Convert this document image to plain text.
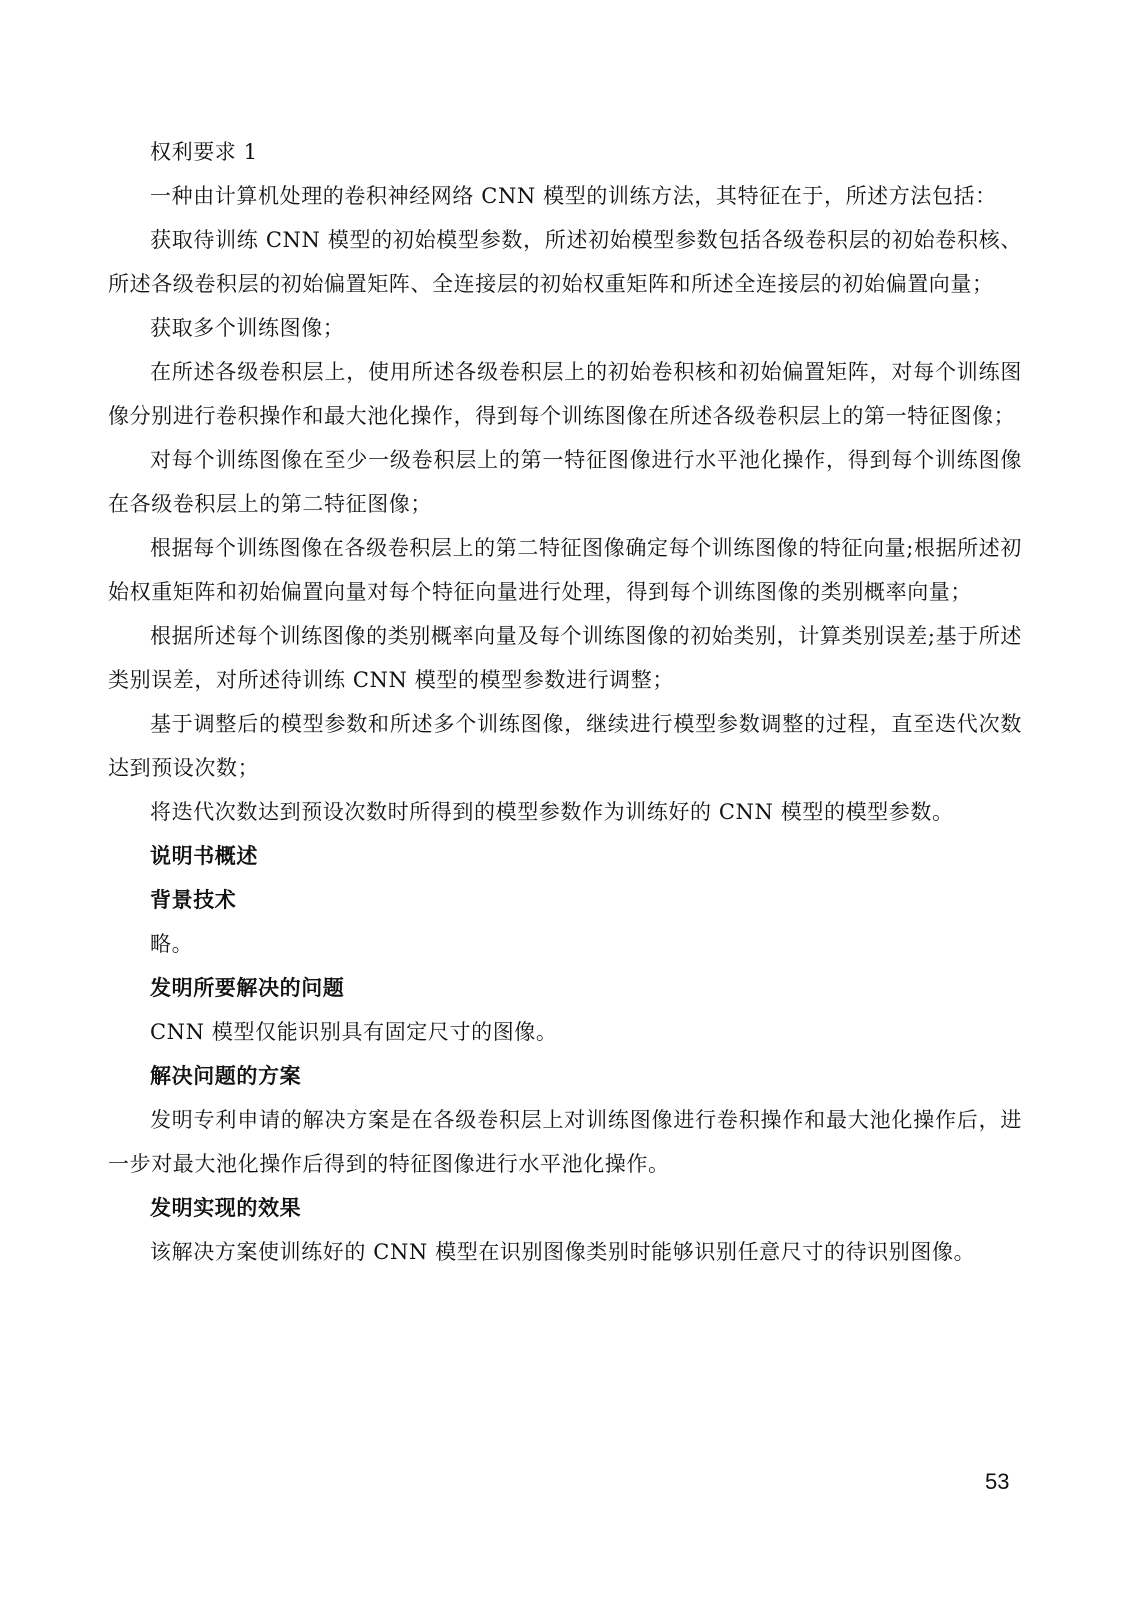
权利要求 1

一种由计算机处理的卷积神经网络 CNN 模型的训练方法，其特征在于，所述方法包括：

获取待训练 CNN 模型的初始模型参数，所述初始模型参数包括各级卷积层的初始卷积核、所述各级卷积层的初始偏置矩阵、全连接层的初始权重矩阵和所述全连接层的初始偏置向量；

获取多个训练图像；

在所述各级卷积层上，使用所述各级卷积层上的初始卷积核和初始偏置矩阵，对每个训练图像分别进行卷积操作和最大池化操作，得到每个训练图像在所述各级卷积层上的第一特征图像；

对每个训练图像在至少一级卷积层上的第一特征图像进行水平池化操作，得到每个训练图像在各级卷积层上的第二特征图像；

根据每个训练图像在各级卷积层上的第二特征图像确定每个训练图像的特征向量;根据所述初始权重矩阵和初始偏置向量对每个特征向量进行处理，得到每个训练图像的类别概率向量；

根据所述每个训练图像的类别概率向量及每个训练图像的初始类别，计算类别误差;基于所述类别误差，对所述待训练 CNN 模型的模型参数进行调整；

基于调整后的模型参数和所述多个训练图像，继续进行模型参数调整的过程，直至迭代次数达到预设次数；

将迭代次数达到预设次数时所得到的模型参数作为训练好的 CNN 模型的模型参数。

说明书概述

背景技术

略。

发明所要解决的问题

CNN 模型仅能识别具有固定尺寸的图像。

解决问题的方案

发明专利申请的解决方案是在各级卷积层上对训练图像进行卷积操作和最大池化操作后，进一步对最大池化操作后得到的特征图像进行水平池化操作。

发明实现的效果

该解决方案使训练好的 CNN 模型在识别图像类别时能够识别任意尺寸的待识别图像。

53
